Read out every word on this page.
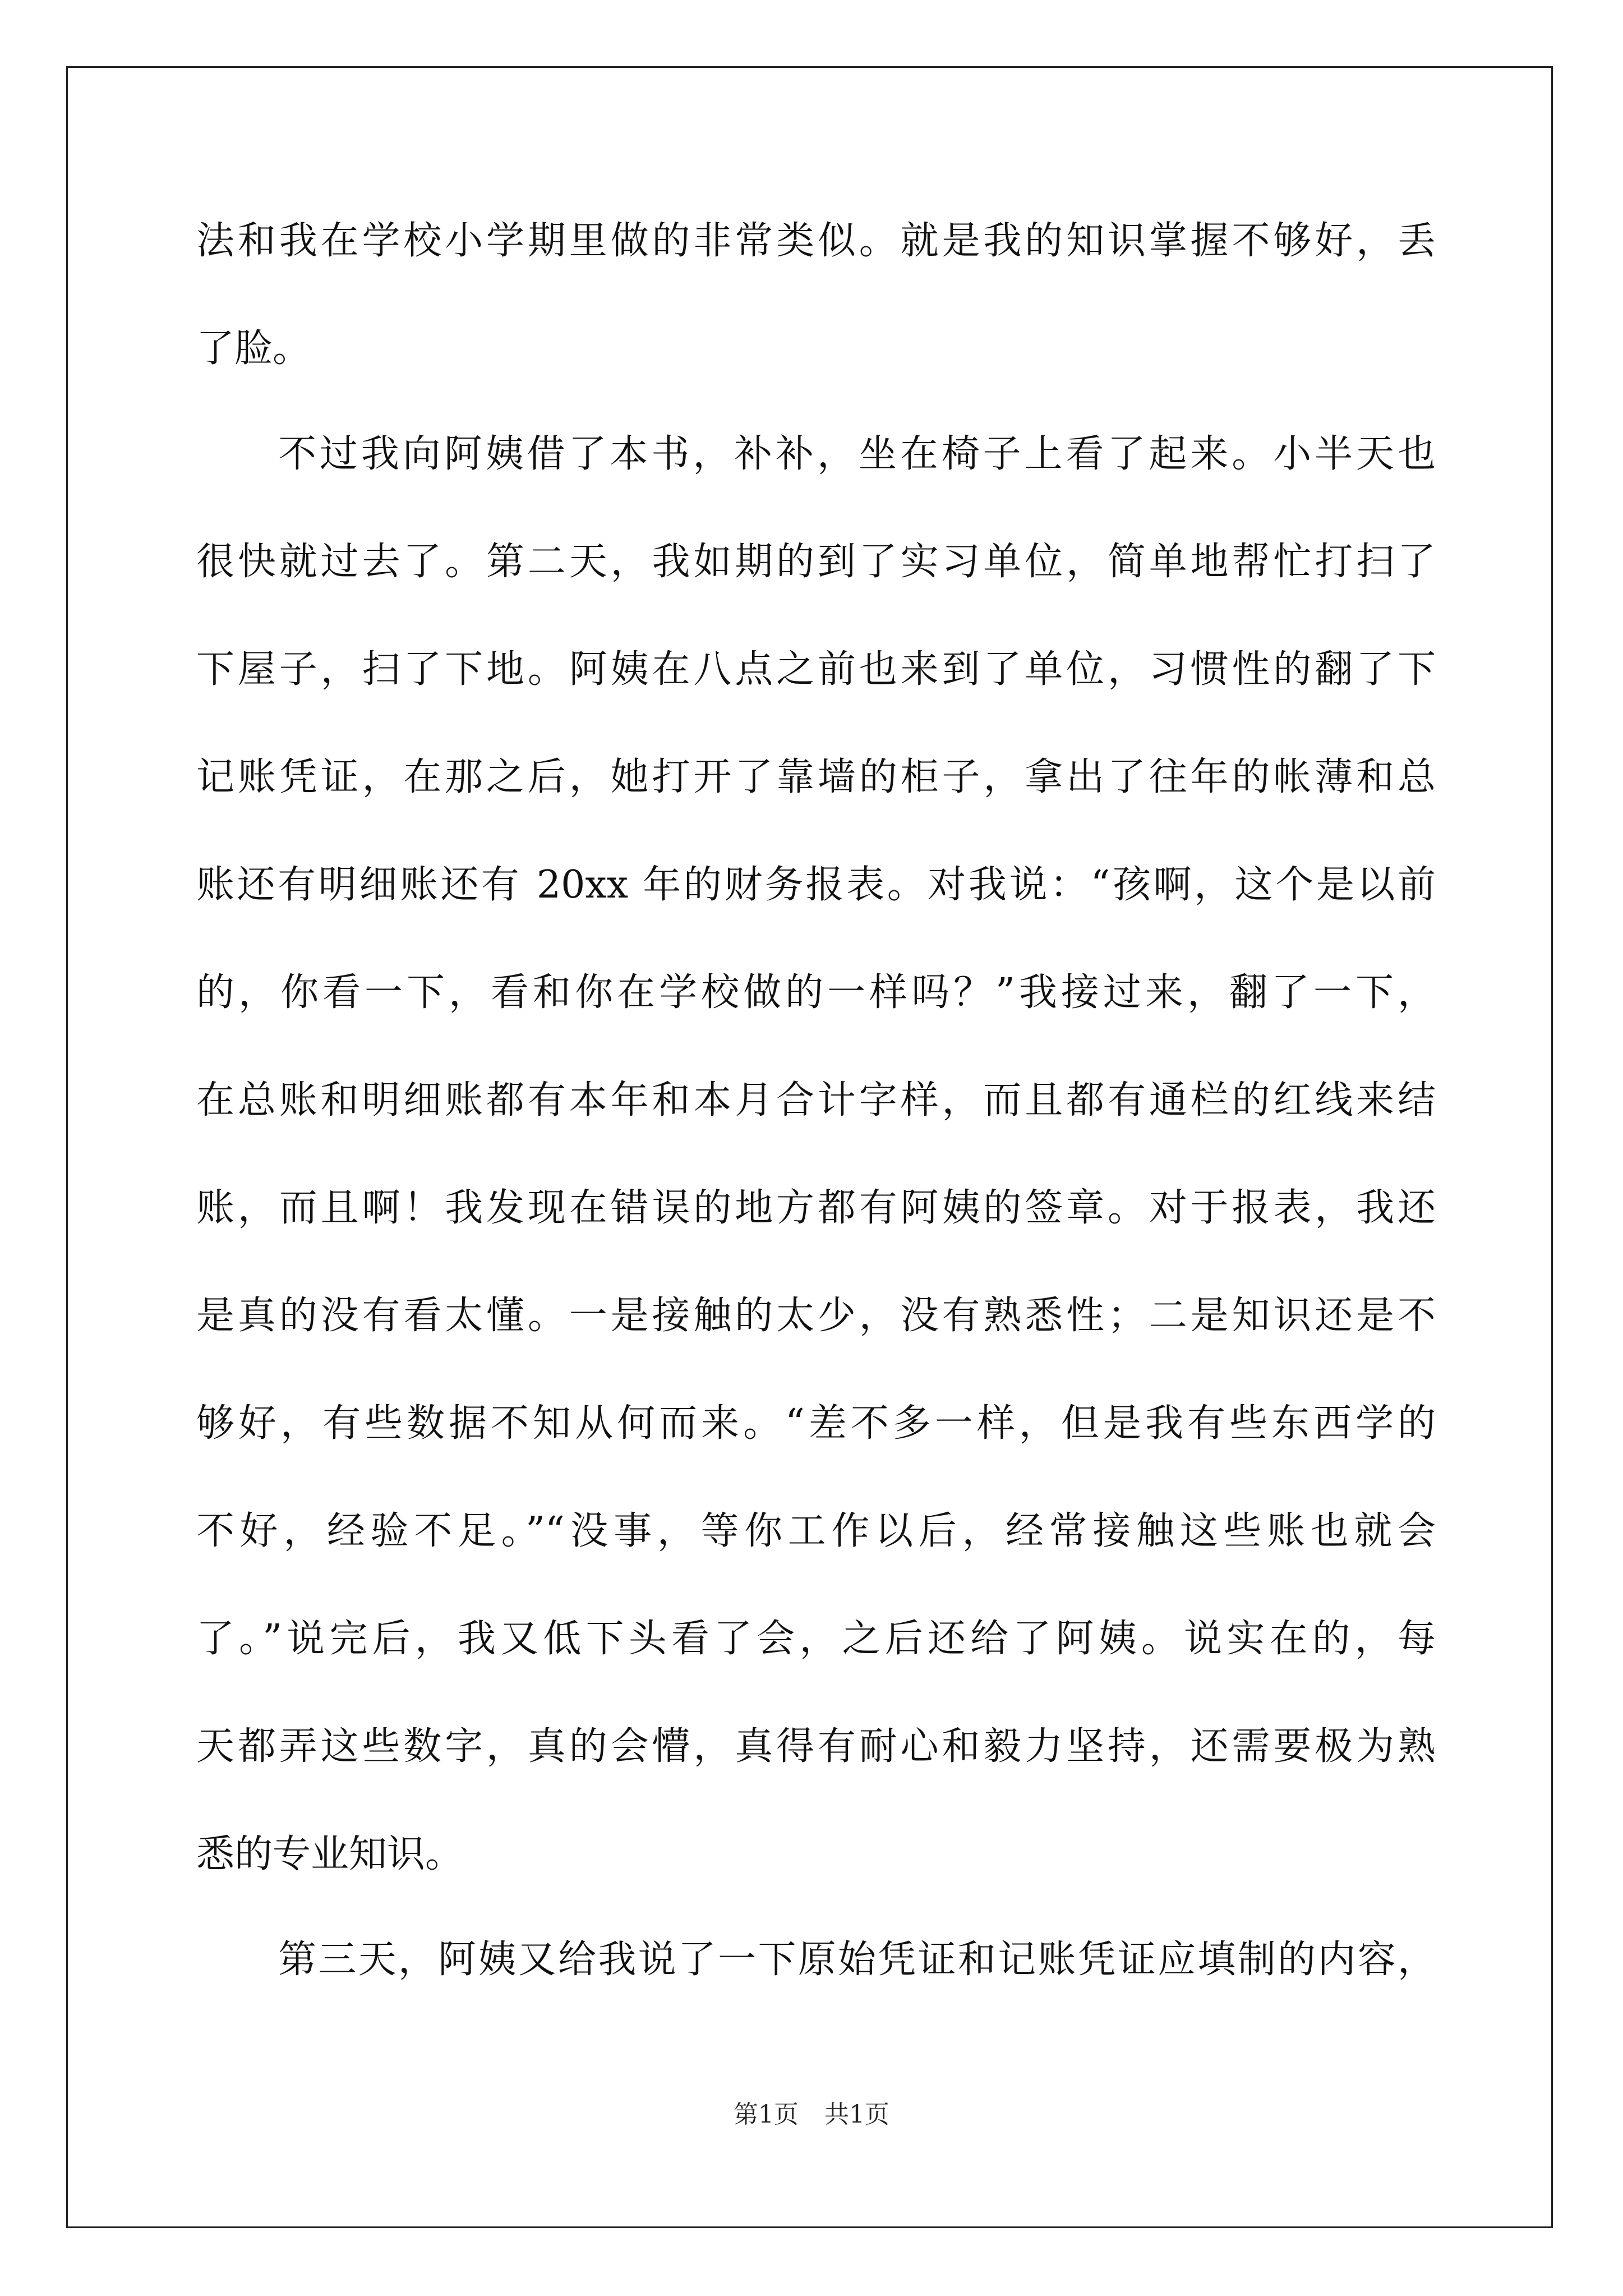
法和我在学校小学期里做的非常类似。就是我的知识掌握不够好，丢
了脸。
不过我向阿姨借了本书，补补，坐在椅子上看了起来。小半天也
很快就过去了。第二天，我如期的到了实习单位，简单地帮忙打扫了
下屋子，扫了下地。阿姨在八点之前也来到了单位，习惯性的翻了下
记账凭证，在那之后，她打开了靠墙的柜子，拿出了往年的帐薄和总
账还有明细账还有 20xx 年的财务报表。对我说：“孩啊，这个是以前
的，你看一下，看和你在学校做的一样吗？”我接过来，翻了一下，
在总账和明细账都有本年和本月合计字样，而且都有通栏的红线来结
账，而且啊！我发现在错误的地方都有阿姨的签章。对于报表，我还
是真的没有看太懂。一是接触的太少，没有熟悉性；二是知识还是不
够好，有些数据不知从何而来。“差不多一样，但是我有些东西学的
不好，经验不足。”“没事，等你工作以后，经常接触这些账也就会
了。”说完后，我又低下头看了会，之后还给了阿姨。说实在的，每
天都弄这些数字，真的会懵，真得有耐心和毅力坚持，还需要极为熟
悉的专业知识。
第三天，阿姨又给我说了一下原始凭证和记账凭证应填制的内容，
第1页 共1页
